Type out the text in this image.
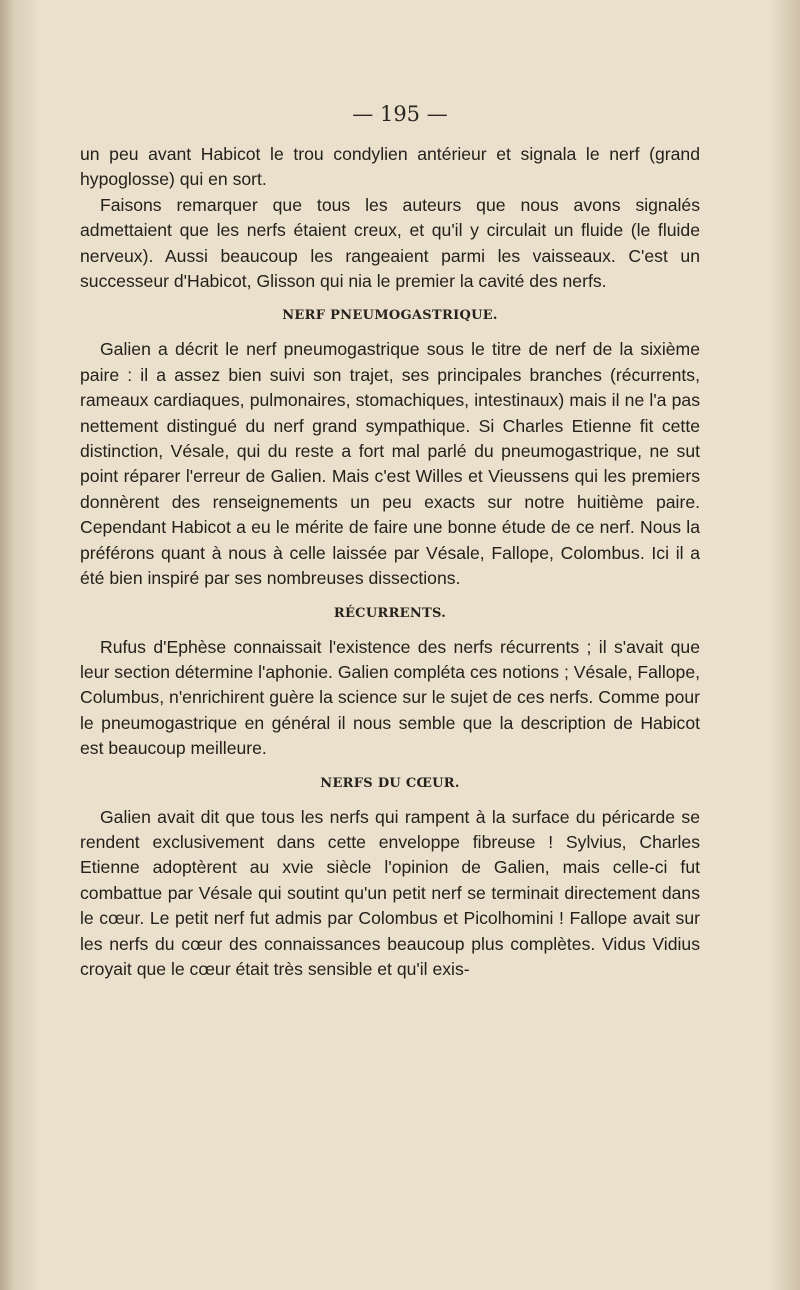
— 195 —

un peu avant Habicot le trou condylien antérieur et signala le nerf (grand hypoglosse) qui en sort.

Faisons remarquer que tous les auteurs que nous avons signalés admettaient que les nerfs étaient creux, et qu'il y circulait un fluide (le fluide nerveux). Aussi beaucoup les rangeaient parmi les vaisseaux. C'est un successeur d'Habicot, Glisson qui nia le premier la cavité des nerfs.

NERF PNEUMOGASTRIQUE.

Galien a décrit le nerf pneumogastrique sous le titre de nerf de la sixième paire : il a assez bien suivi son trajet, ses principales branches (récurrents, rameaux cardiaques, pulmonaires, stomachiques, intestinaux) mais il ne l'a pas nettement distingué du nerf grand sympathique. Si Charles Etienne fit cette distinction, Vésale, qui du reste a fort mal parlé du pneumogastrique, ne sut point réparer l'erreur de Galien. Mais c'est Willes et Vieussens qui les premiers donnèrent des renseignements un peu exacts sur notre huitième paire. Cependant Habicot a eu le mérite de faire une bonne étude de ce nerf. Nous la préférons quant à nous à celle laissée par Vésale, Fallope, Colombus. Ici il a été bien inspiré par ses nombreuses dissections.

RÉCURRENTS.

Rufus d'Ephèse connaissait l'existence des nerfs récurrents ; il s'avait que leur section détermine l'aphonie. Galien compléta ces notions ; Vésale, Fallope, Columbus, n'enrichirent guère la science sur le sujet de ces nerfs. Comme pour le pneumogastrique en général il nous semble que la description de Habicot est beaucoup meilleure.

NERFS DU CŒUR.

Galien avait dit que tous les nerfs qui rampent à la surface du péricarde se rendent exclusivement dans cette enveloppe fibreuse ! Sylvius, Charles Etienne adoptèrent au xvie siècle l'opinion de Galien, mais celle-ci fut combattue par Vésale qui soutint qu'un petit nerf se terminait directement dans le cœur. Le petit nerf fut admis par Colombus et Picolhomini ! Fallope avait sur les nerfs du cœur des connaissances beaucoup plus complètes. Vidus Vidius croyait que le cœur était très sensible et qu'il exis-
